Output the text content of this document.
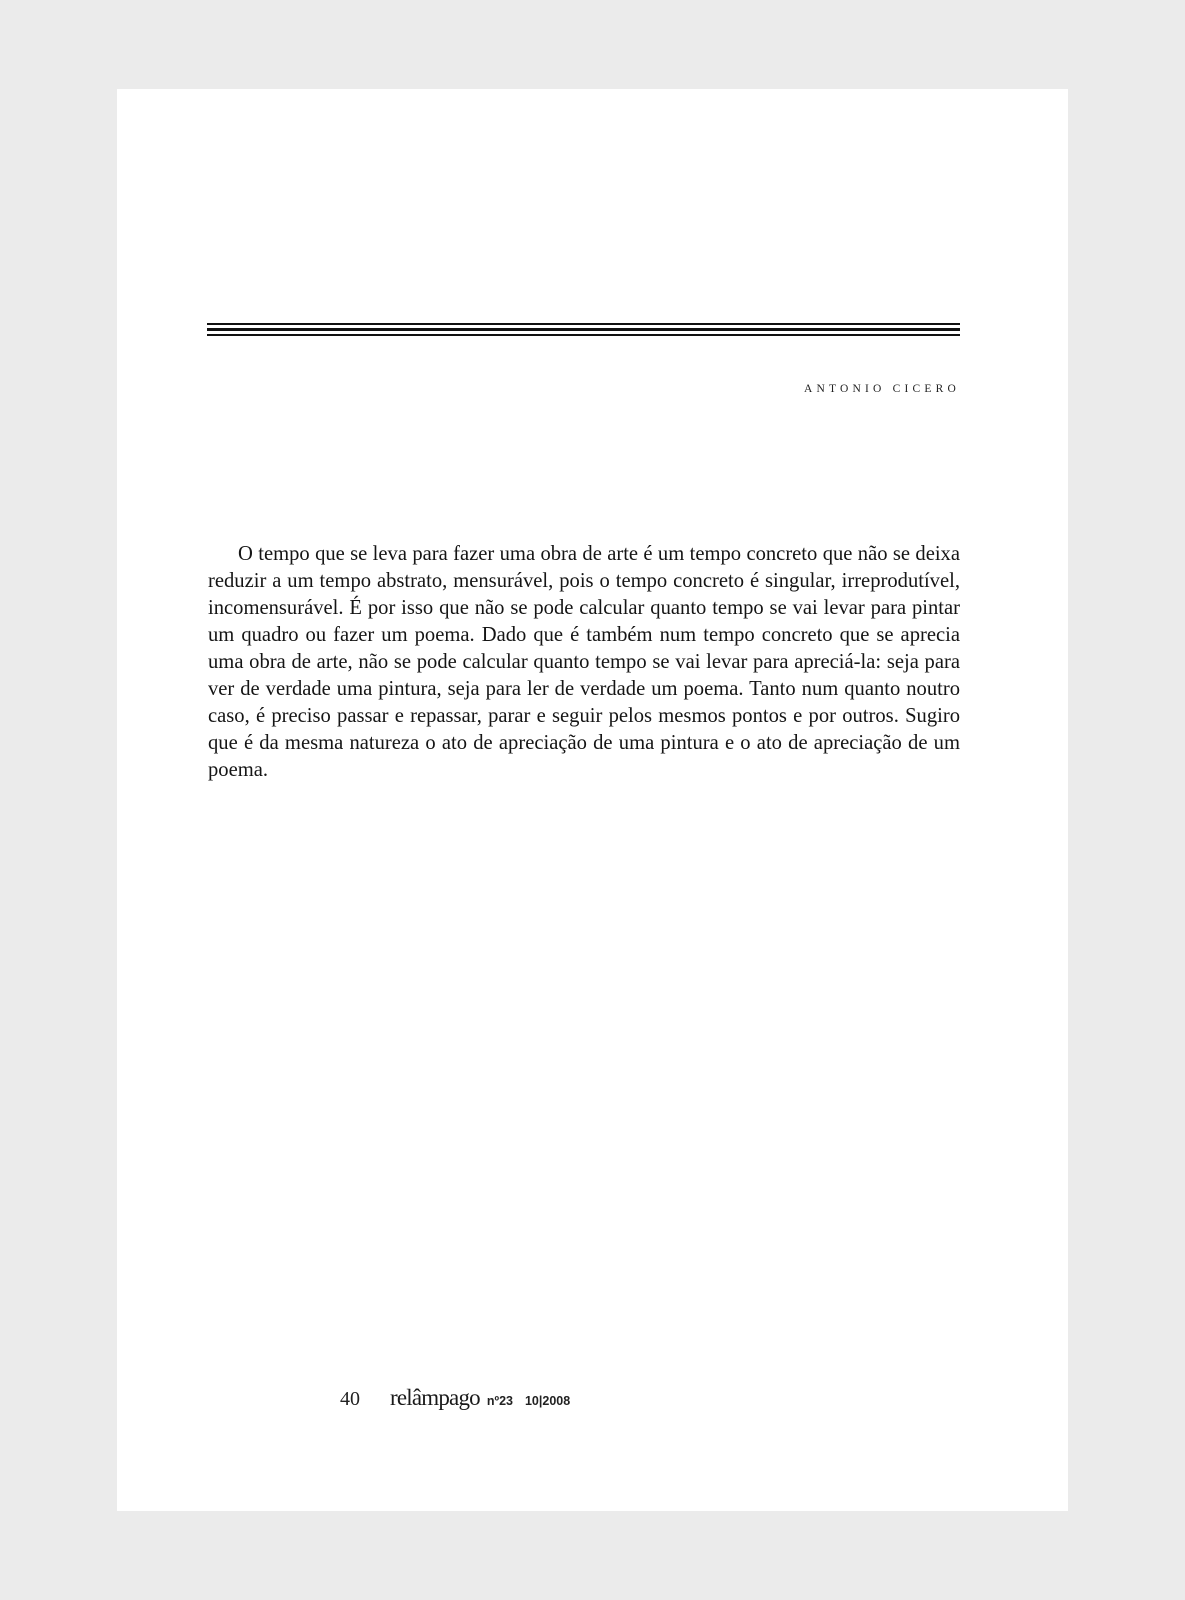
ANTONIO CICERO

O tempo que se leva para fazer uma obra de arte é um tempo concreto que não se deixa reduzir a um tempo abstrato, mensurável, pois o tempo concreto é singular, irreprodutível, incomensurável. É por isso que não se pode calcular quanto tempo se vai levar para pintar um quadro ou fazer um poema. Dado que é também num tempo concreto que se aprecia uma obra de arte, não se pode calcular quanto tempo se vai levar para apreciá-la: seja para ver de verdade uma pintura, seja para ler de verdade um poema. Tanto num quanto noutro caso, é preciso passar e repassar, parar e seguir pelos mesmos pontos e por outros. Sugiro que é da mesma natureza o ato de apreciação de uma pintura e o ato de apreciação de um poema.

40 relâmpago nº23 10|2008
